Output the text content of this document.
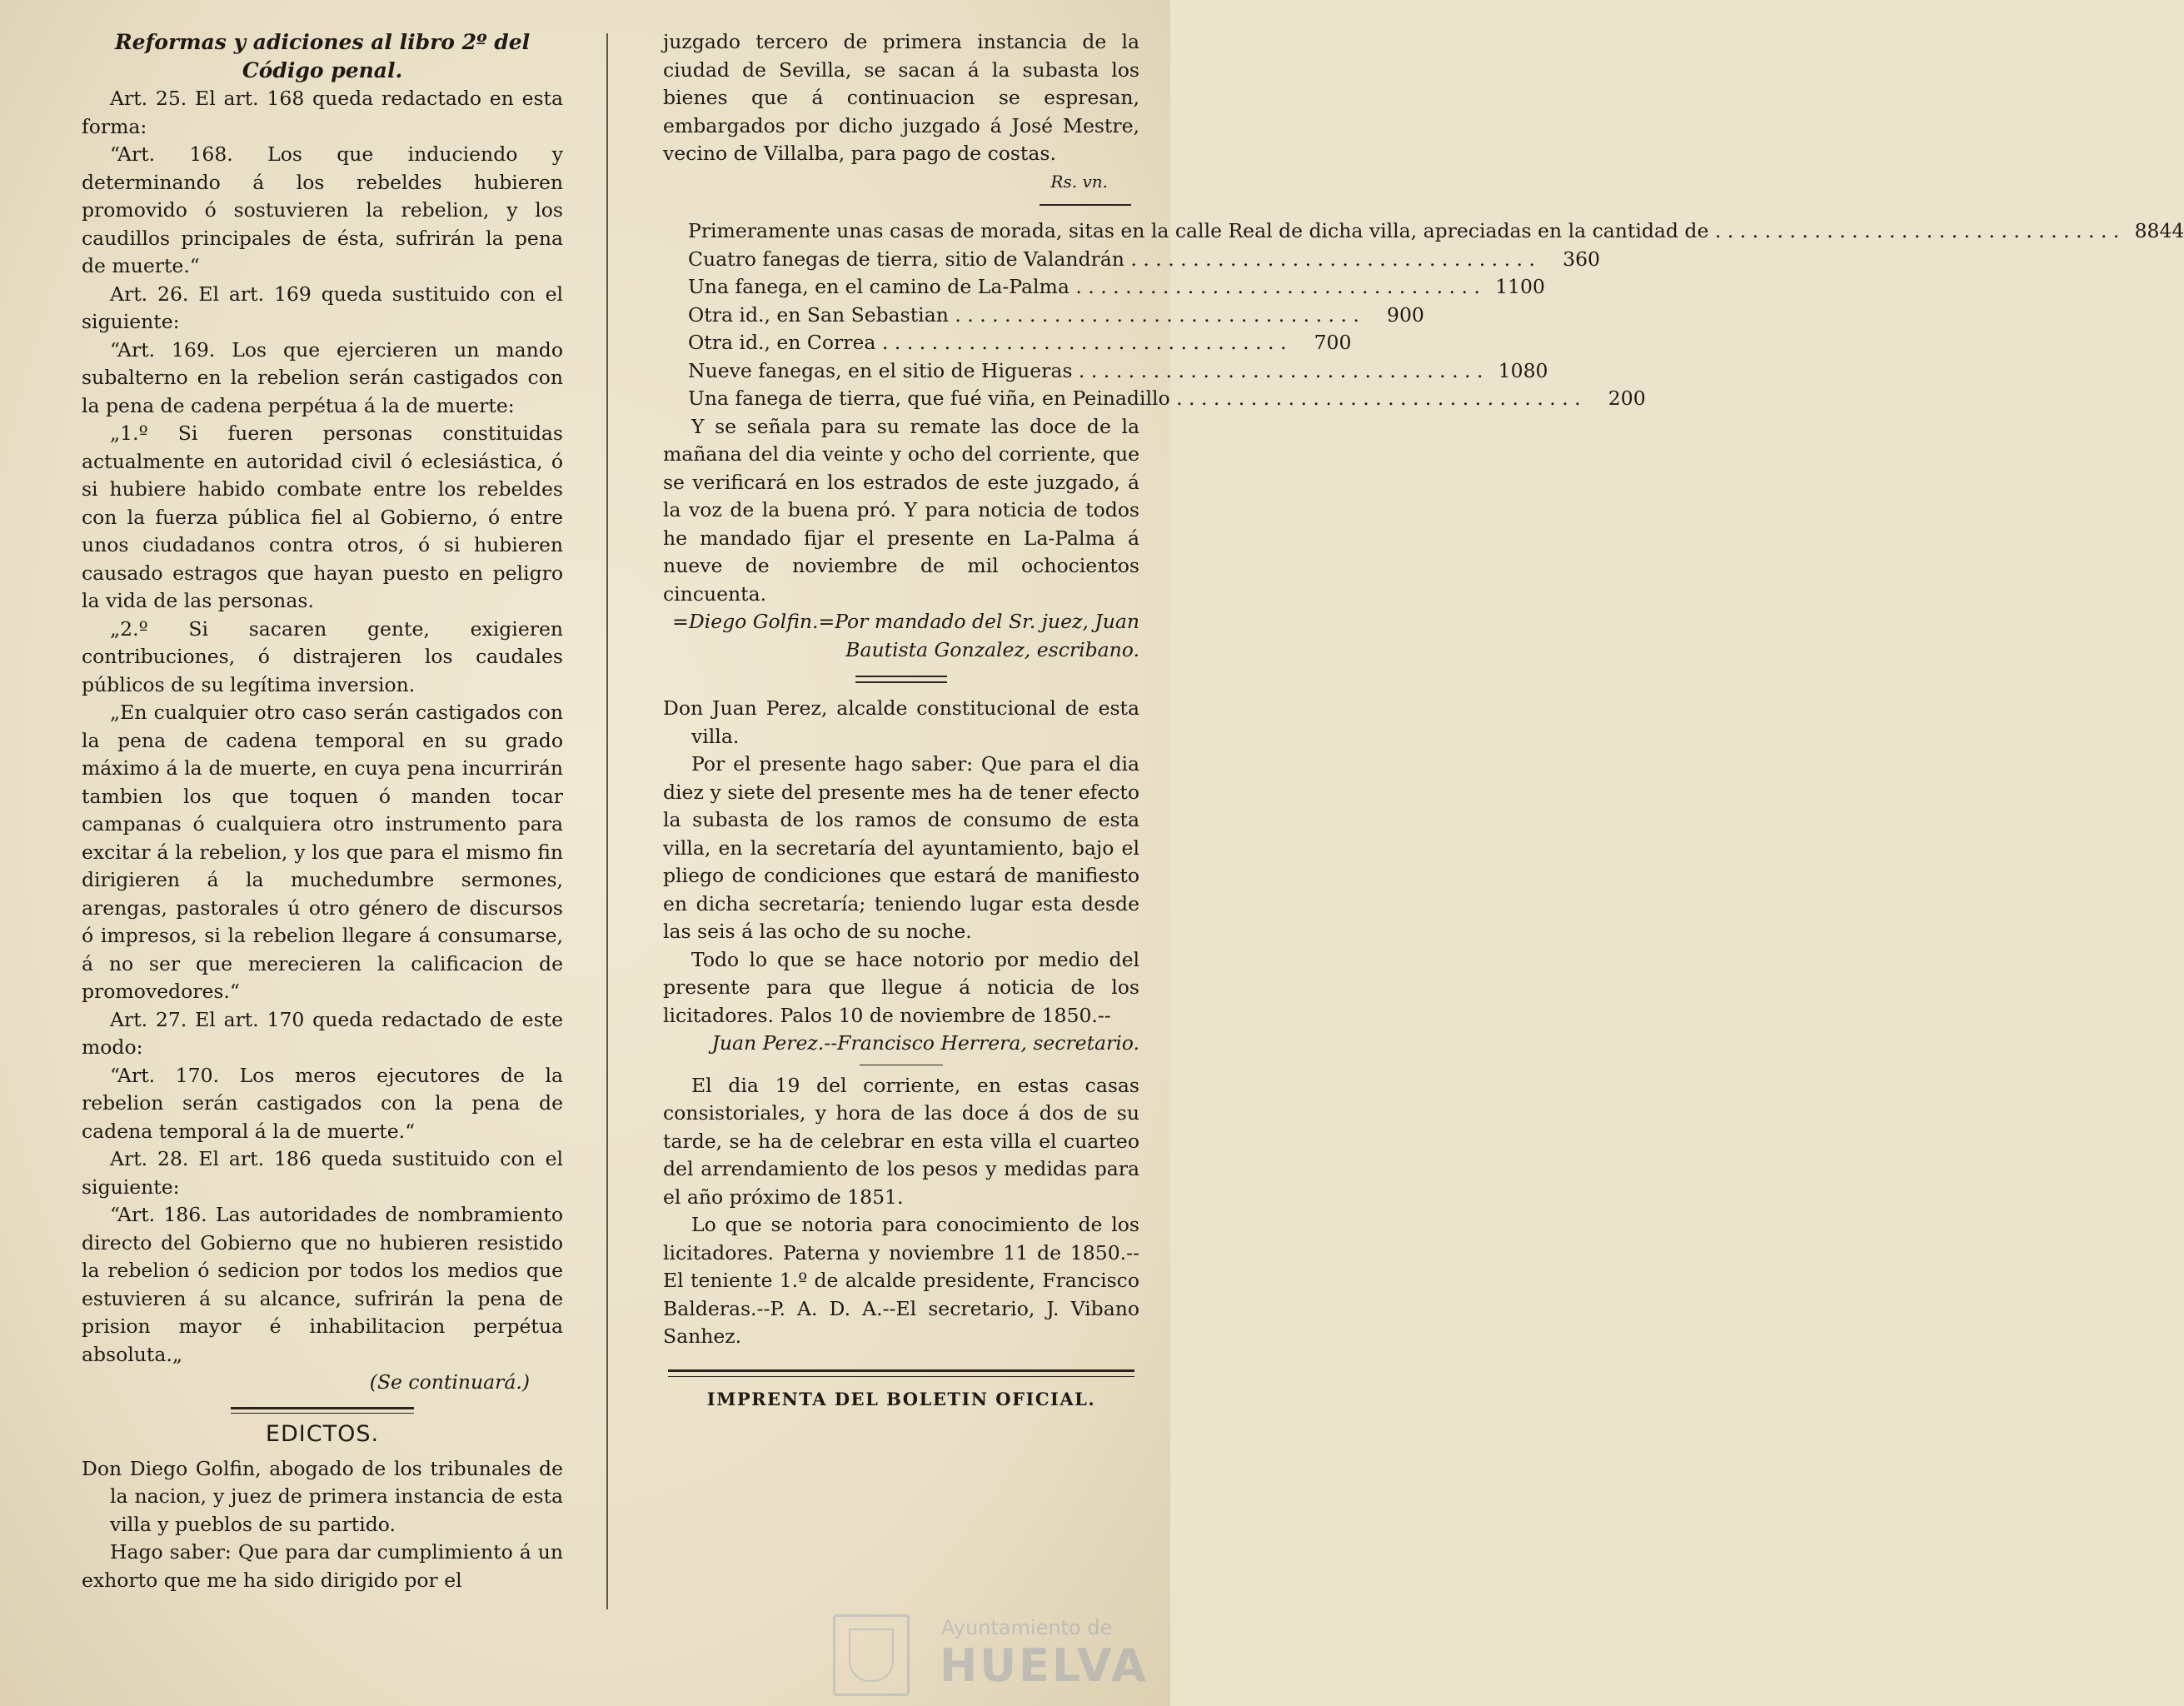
Reformas y adiciones al libro 2º del Código penal.

Art. 25. El art. 168 queda redactado en esta forma:

“Art. 168. Los que induciendo y determinando á los rebeldes hubieren promovido ó sostuvieren la rebelion, y los caudillos principales de ésta, sufrirán la pena de muerte.“

Art. 26. El art. 169 queda sustituido con el siguiente:

“Art. 169. Los que ejercieren un mando subalterno en la rebelion serán castigados con la pena de cadena perpétua á la de muerte:

„1.º Si fueren personas constituidas actualmente en autoridad civil ó eclesiástica, ó si hubiere habido combate entre los rebeldes con la fuerza pública fiel al Gobierno, ó entre unos ciudadanos contra otros, ó si hubieren causado estragos que hayan puesto en peligro la vida de las personas.

„2.º Si sacaren gente, exigieren contribuciones, ó distrajeren los caudales públicos de su legítima inversion.

„En cualquier otro caso serán castigados con la pena de cadena temporal en su grado máximo á la de muerte, en cuya pena incurrirán tambien los que toquen ó manden tocar campanas ó cualquiera otro instrumento para excitar á la rebelion, y los que para el mismo fin dirigieren á la muchedumbre sermones, arengas, pastorales ú otro género de discursos ó impresos, si la rebelion llegare á consumarse, á no ser que merecieren la calificacion de promovedores.“

Art. 27. El art. 170 queda redactado de este modo:

“Art. 170. Los meros ejecutores de la rebelion serán castigados con la pena de cadena temporal á la de muerte.“

Art. 28. El art. 186 queda sustituido con el siguiente:

“Art. 186. Las autoridades de nombramiento directo del Gobierno que no hubieren resistido la rebelion ó sedicion por todos los medios que estuvieren á su alcance, sufrirán la pena de prision mayor é inhabilitacion perpétua absoluta.„

(Se continuará.)

EDICTOS.

Don Diego Golfin, abogado de los tribunales de la nacion, y juez de primera instancia de esta villa y pueblos de su partido.

Hago saber: Que para dar cumplimiento á un exhorto que me ha sido dirigido por el

juzgado tercero de primera instancia de la ciudad de Sevilla, se sacan á la subasta los bienes que á continuacion se espresan, embargados por dicho juzgado á José Mestre, vecino de Villalba, para pago de costas.

Rs. vn.

Primeramente unas casas de morada, sitas en la calle Real de dicha villa, apreciadas en la cantidad de . . .	8844
Cuatro fanegas de tierra, sitio de Valandrán . . .	360
Una fanega, en el camino de La-Palma . . .	1100
Otra id., en San Sebastian . . .	900
Otra id., en Correa . . .	700
Nueve fanegas, en el sitio de Higueras . . .	1080
Una fanega de tierra, que fué viña, en Peinadillo . . .	200

Y se señala para su remate las doce de la mañana del dia veinte y ocho del corriente, que se verificará en los estrados de este juzgado, á la voz de la buena pró. Y para noticia de todos he mandado fijar el presente en La-Palma á nueve de noviembre de mil ochocientos cincuenta.

=Diego Golfin.=Por mandado del Sr. juez, Juan Bautista Gonzalez, escribano.

Don Juan Perez, alcalde constitucional de esta villa.

Por el presente hago saber: Que para el dia diez y siete del presente mes ha de tener efecto la subasta de los ramos de consumo de esta villa, en la secretaría del ayuntamiento, bajo el pliego de condiciones que estará de manifiesto en dicha secretaría; teniendo lugar esta desde las seis á las ocho de su noche.

Todo lo que se hace notorio por medio del presente para que llegue á noticia de los licitadores. Palos 10 de noviembre de 1850.--

Juan Perez.--Francisco Herrera, secretario.

El dia 19 del corriente, en estas casas consistoriales, y hora de las doce á dos de su tarde, se ha de celebrar en esta villa el cuarteo del arrendamiento de los pesos y medidas para el año próximo de 1851.

Lo que se notoria para conocimiento de los licitadores. Paterna y noviembre 11 de 1850.--El teniente 1.º de alcalde presidente, Francisco Balderas.--P. A. D. A.--El secretario, J. Vibano Sanhez.

IMPRENTA DEL BOLETIN OFICIAL.

Ayuntamiento de
HUELVA
